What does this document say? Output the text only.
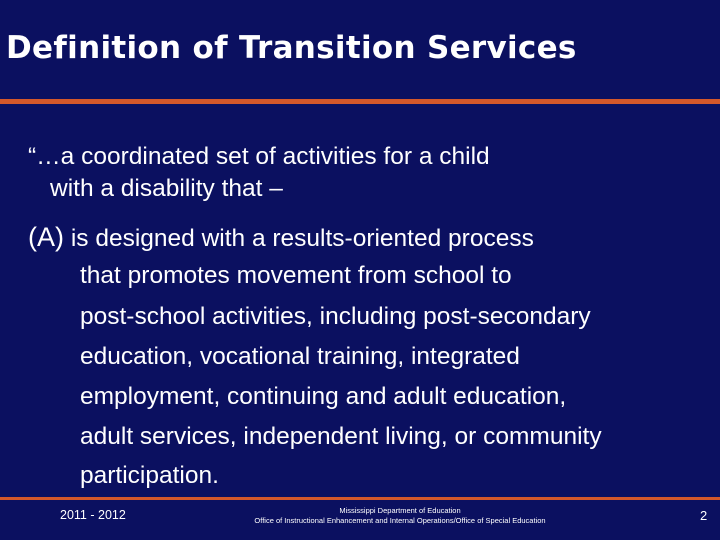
Definition of Transition Services
“…a coordinated set of activities for a child
with a disability that –
(A) is designed with a results-oriented process
that promotes movement from school to
post-school activities, including post-secondary
education, vocational training, integrated
employment, continuing and adult education,
adult services, independent living, or community
participation.
2011 - 2012	Mississippi Department of Education
Office of Instructional Enhancement and Internal Operations/Office of Special Education	2
